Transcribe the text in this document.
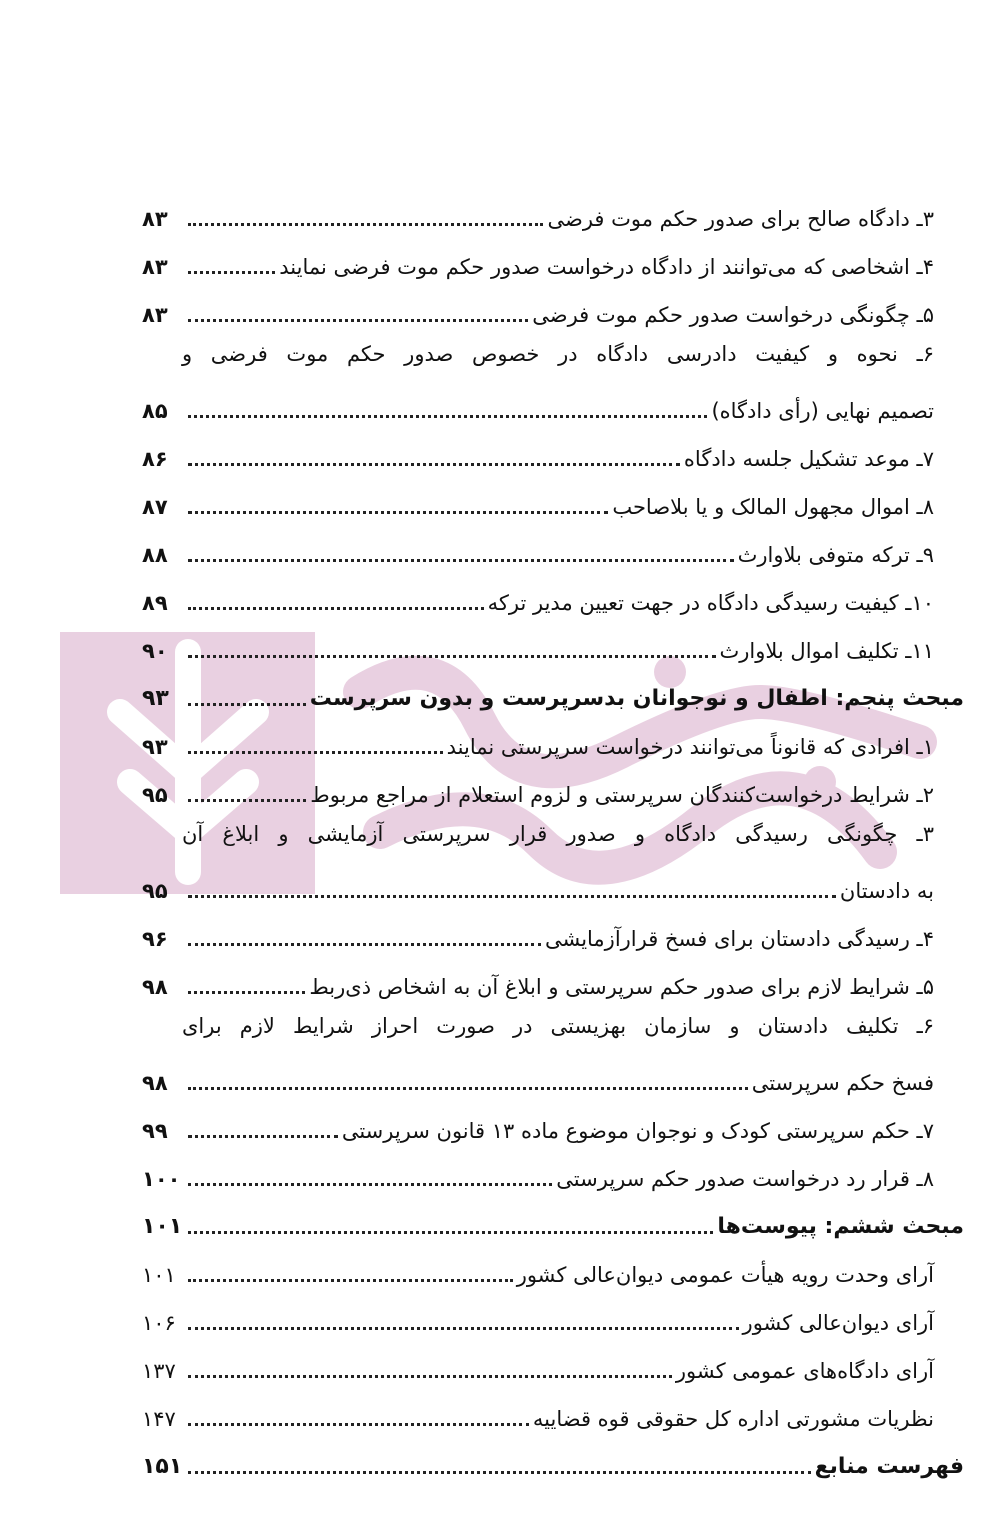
۳ـ دادگاه صالح برای صدور حکم موت فرضی
۸۳
۴ـ اشخاصی که می‌توانند از دادگاه درخواست صدور حکم موت فرضی نمایند
۸۳
۵ـ چگونگی درخواست صدور حکم موت فرضی
۸۳
۶ـ نحوه و کیفیت دادرسی دادگاه در خصوص صدور حکم موت فرضی و
تصمیم نهایی (رأی دادگاه)
۸۵
۷ـ موعد تشکیل جلسه دادگاه
۸۶
۸ـ اموال مجهول المالک و یا بلاصاحب
۸۷
۹ـ ترکه متوفی بلاوارث
۸۸
۱۰ـ کیفیت رسیدگی دادگاه در جهت تعیین مدیر ترکه
۸۹
۱۱ـ تکلیف اموال بلاوارث
۹۰
مبحث پنجم: اطفال و نوجوانان بدسرپرست و بدون سرپرست
۹۳
۱ـ افرادی که قانوناً می‌توانند درخواست سرپرستی نمایند
۹۳
۲ـ شرایط درخواست‌کنندگان سرپرستی و لزوم استعلام از مراجع مربوط
۹۵
۳ـ چگونگی رسیدگی دادگاه و صدور قرار سرپرستی آزمایشی و ابلاغ آن
به دادستان
۹۵
۴ـ رسیدگی دادستان برای فسخ قرارآزمایشی
۹۶
۵ـ شرایط لازم برای صدور حکم سرپرستی و ابلاغ آن به اشخاص ذی‌ربط
۹۸
۶ـ تکلیف دادستان و سازمان بهزیستی در صورت احراز شرایط لازم برای
فسخ حکم سرپرستی
۹۸
۷ـ حکم سرپرستی کودک و نوجوان موضوع ماده ۱۳ قانون سرپرستی
۹۹
۸ـ قرار رد درخواست صدور حکم سرپرستی
۱۰۰
مبحث ششم: پیوست‌ها
۱۰۱
آرای وحدت رویه هیأت عمومی دیوان‌عالی کشور
۱۰۱
آرای دیوان‌عالی کشور
۱۰۶
آرای دادگاه‌های عمومی کشور
۱۳۷
نظریات مشورتی اداره کل حقوقی قوه قضاییه
۱۴۷
فهرست منابع
۱۵۱
